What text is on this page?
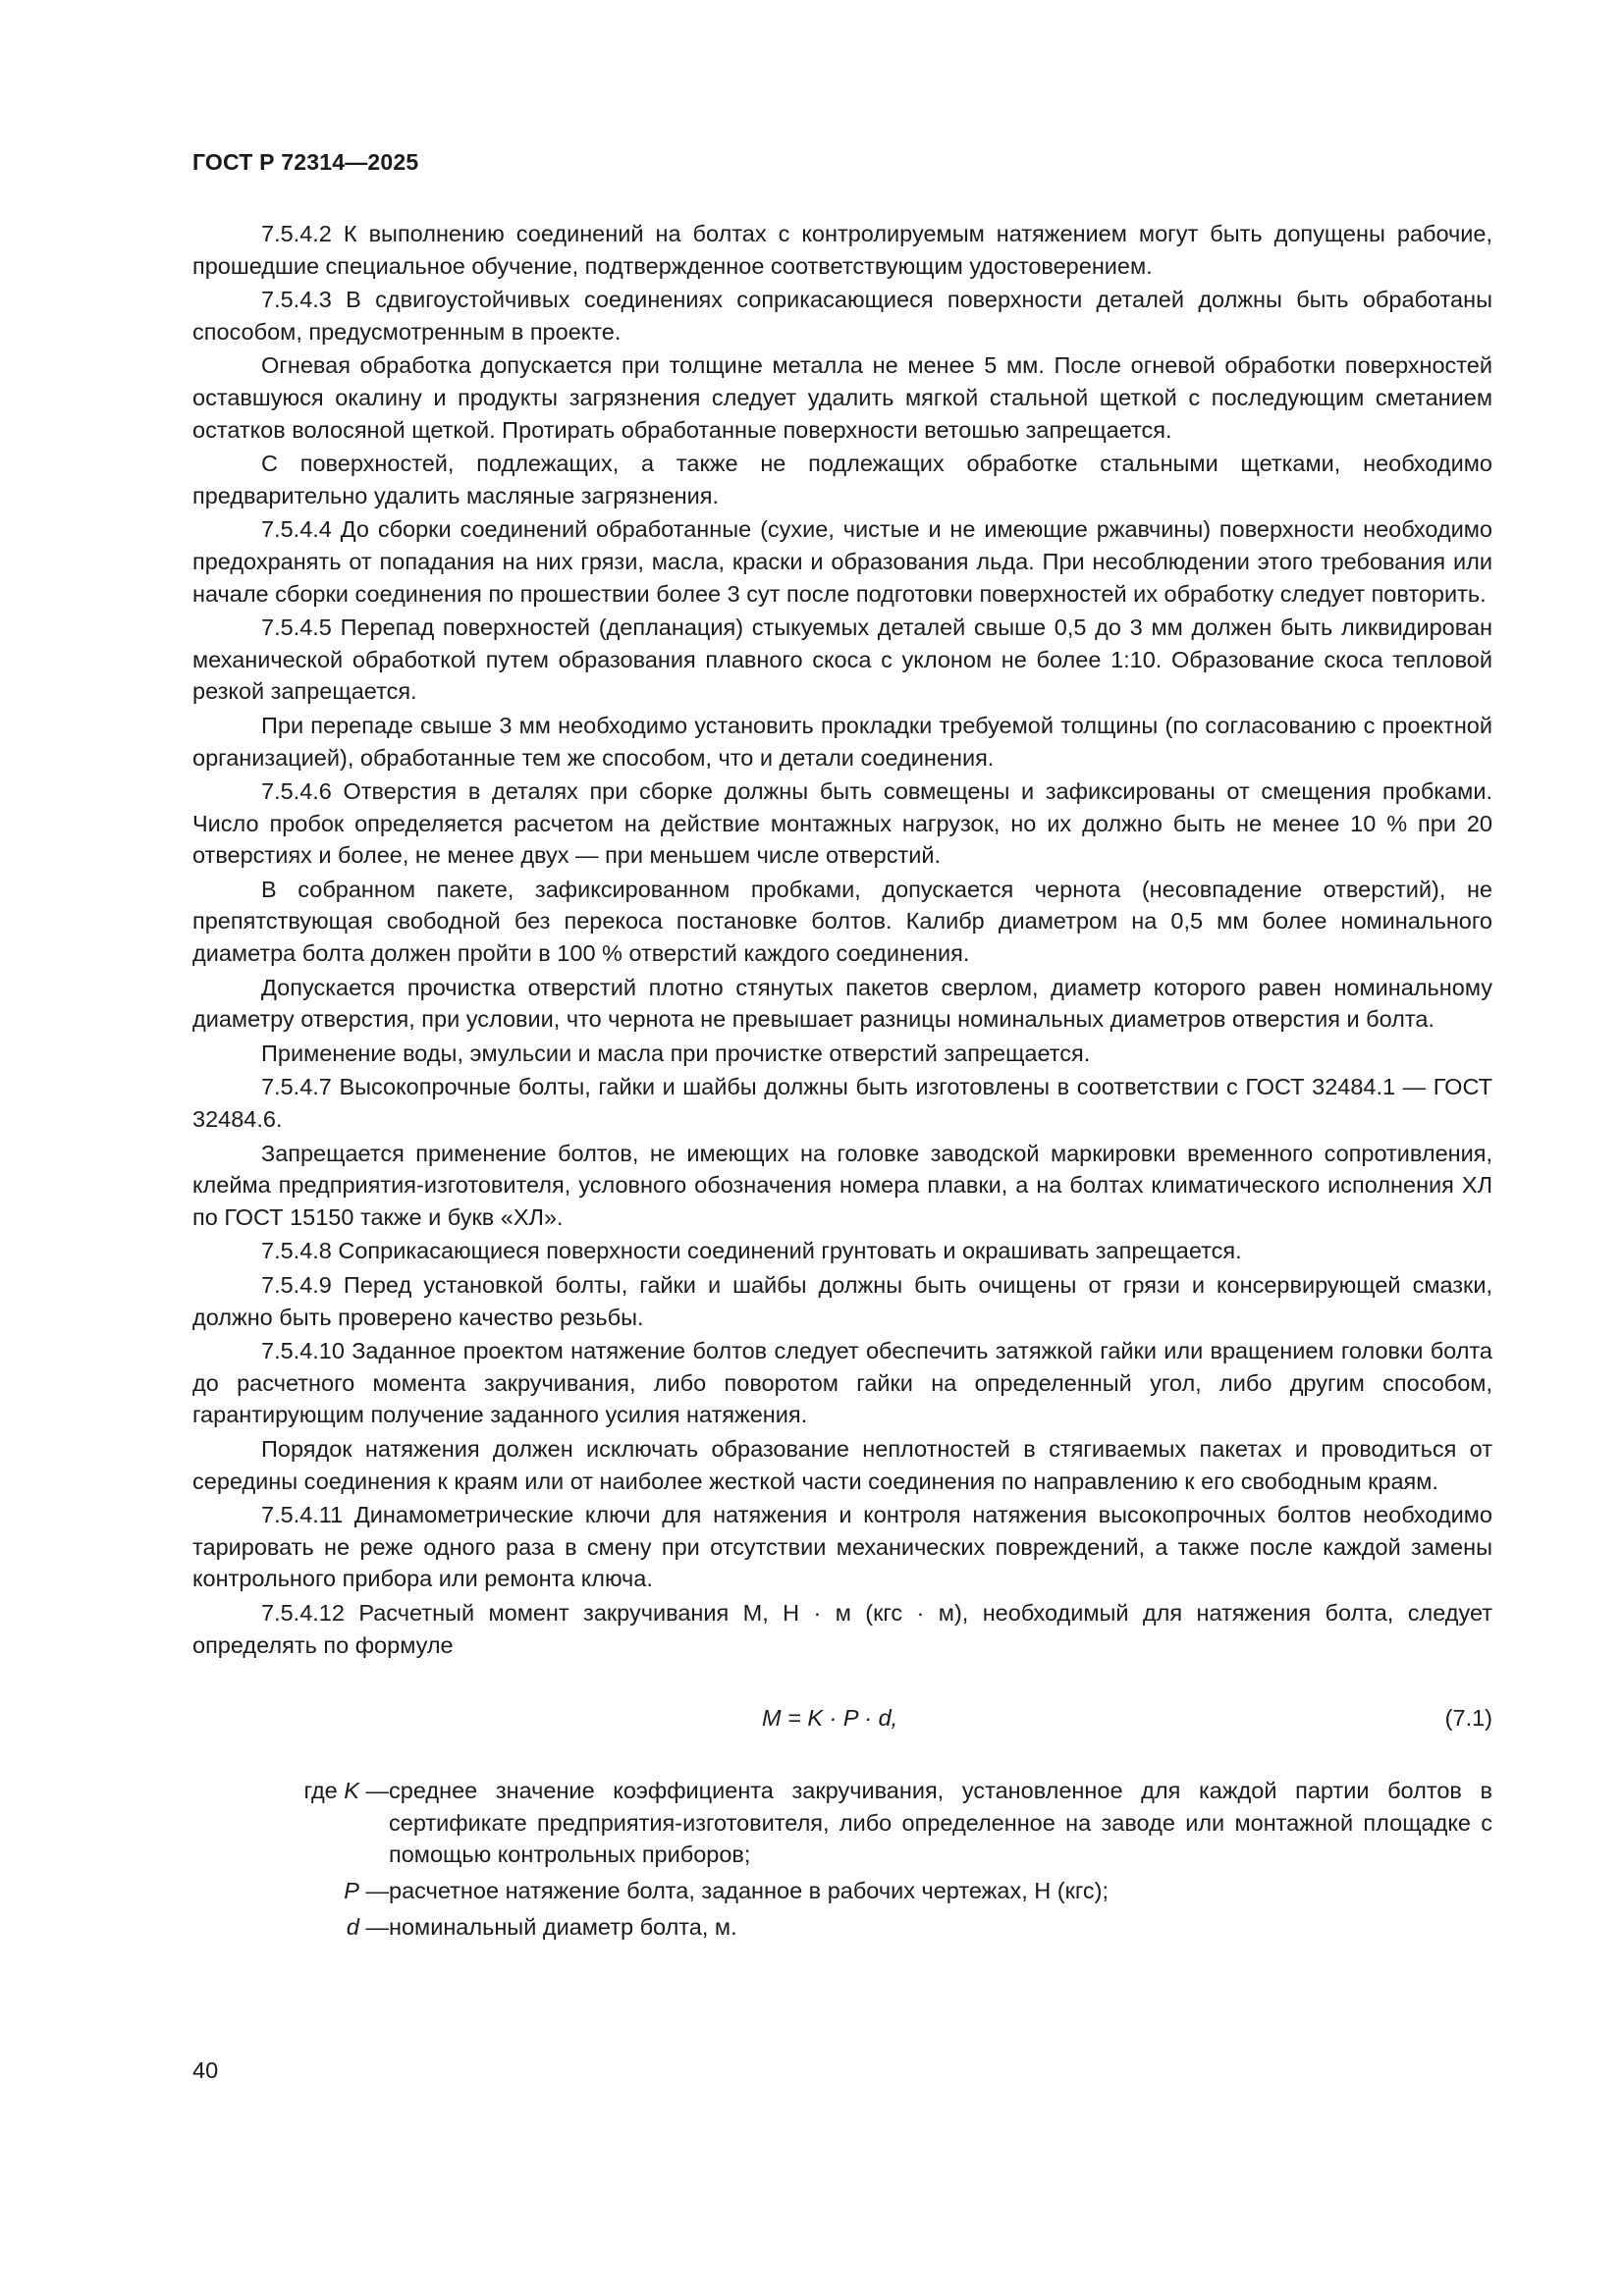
ГОСТ Р 72314—2025

7.5.4.2 К выполнению соединений на болтах с контролируемым натяжением могут быть допущены рабочие, прошедшие специальное обучение, подтвержденное соответствующим удостоверением.

7.5.4.3 В сдвигоустойчивых соединениях соприкасающиеся поверхности деталей должны быть обработаны способом, предусмотренным в проекте.

Огневая обработка допускается при толщине металла не менее 5 мм. После огневой обработки поверхностей оставшуюся окалину и продукты загрязнения следует удалить мягкой стальной щеткой с последующим сметанием остатков волосяной щеткой. Протирать обработанные поверхности ветошью запрещается.

С поверхностей, подлежащих, а также не подлежащих обработке стальными щетками, необходимо предварительно удалить масляные загрязнения.

7.5.4.4 До сборки соединений обработанные (сухие, чистые и не имеющие ржавчины) поверхности необходимо предохранять от попадания на них грязи, масла, краски и образования льда. При несоблюдении этого требования или начале сборки соединения по прошествии более 3 сут после подготовки поверхностей их обработку следует повторить.

7.5.4.5 Перепад поверхностей (депланация) стыкуемых деталей свыше 0,5 до 3 мм должен быть ликвидирован механической обработкой путем образования плавного скоса с уклоном не более 1:10. Образование скоса тепловой резкой запрещается.

При перепаде свыше 3 мм необходимо установить прокладки требуемой толщины (по согласованию с проектной организацией), обработанные тем же способом, что и детали соединения.

7.5.4.6 Отверстия в деталях при сборке должны быть совмещены и зафиксированы от смещения пробками. Число пробок определяется расчетом на действие монтажных нагрузок, но их должно быть не менее 10 % при 20 отверстиях и более, не менее двух — при меньшем числе отверстий.

В собранном пакете, зафиксированном пробками, допускается чернота (несовпадение отверстий), не препятствующая свободной без перекоса постановке болтов. Калибр диаметром на 0,5 мм более номинального диаметра болта должен пройти в 100 % отверстий каждого соединения.

Допускается прочистка отверстий плотно стянутых пакетов сверлом, диаметр которого равен номинальному диаметру отверстия, при условии, что чернота не превышает разницы номинальных диаметров отверстия и болта.

Применение воды, эмульсии и масла при прочистке отверстий запрещается.

7.5.4.7 Высокопрочные болты, гайки и шайбы должны быть изготовлены в соответствии с ГОСТ 32484.1 — ГОСТ 32484.6.

Запрещается применение болтов, не имеющих на головке заводской маркировки временного сопротивления, клейма предприятия-изготовителя, условного обозначения номера плавки, а на болтах климатического исполнения ХЛ по ГОСТ 15150 также и букв «ХЛ».

7.5.4.8 Соприкасающиеся поверхности соединений грунтовать и окрашивать запрещается.

7.5.4.9 Перед установкой болты, гайки и шайбы должны быть очищены от грязи и консервирующей смазки, должно быть проверено качество резьбы.

7.5.4.10 Заданное проектом натяжение болтов следует обеспечить затяжкой гайки или вращением головки болта до расчетного момента закручивания, либо поворотом гайки на определенный угол, либо другим способом, гарантирующим получение заданного усилия натяжения.

Порядок натяжения должен исключать образование неплотностей в стягиваемых пакетах и проводиться от середины соединения к краям или от наиболее жесткой части соединения по направлению к его свободным краям.

7.5.4.11 Динамометрические ключи для натяжения и контроля натяжения высокопрочных болтов необходимо тарировать не реже одного раза в смену при отсутствии механических повреждений, а также после каждой замены контрольного прибора или ремонта ключа.

7.5.4.12 Расчетный момент закручивания М, Н · м (кгс · м), необходимый для натяжения болта, следует определять по формуле

M = K · P · d,	(7.1)
где K — среднее значение коэффициента закручивания, установленное для каждой партии болтов в сертификате предприятия-изготовителя, либо определенное на заводе или монтажной площадке с помощью контрольных приборов;
P — расчетное натяжение болта, заданное в рабочих чертежах, Н (кгс);
d — номинальный диаметр болта, м.
40
